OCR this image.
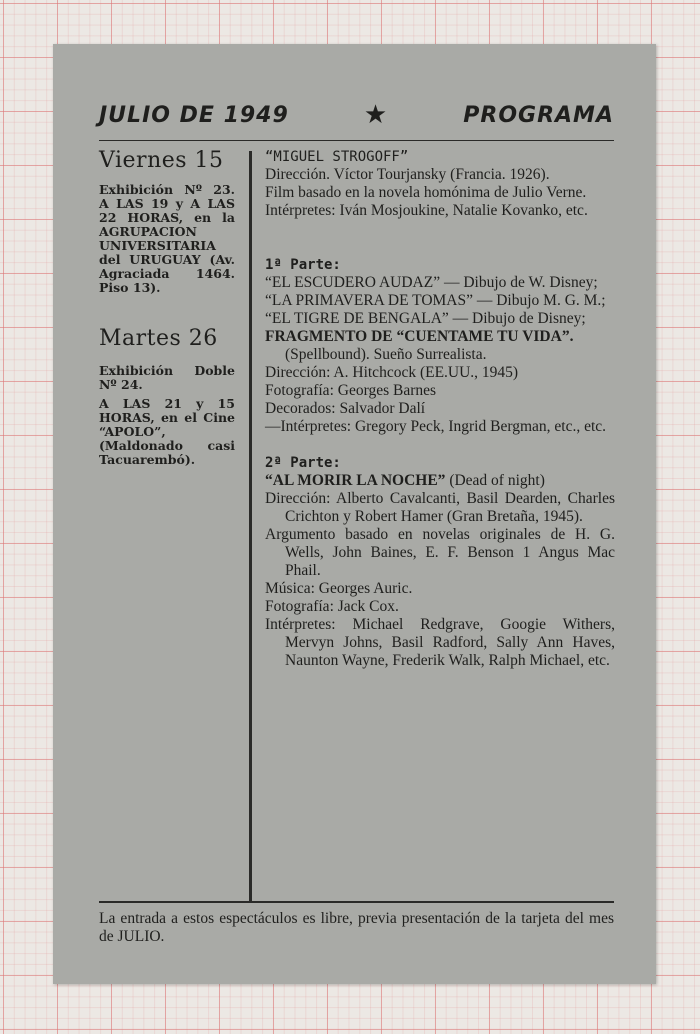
JULIO DE 1949	★	PROGRAMA
Viernes 15
Exhibición Nº 23. A LAS 19 y A LAS 22 HORAS, en la AGRUPACION UNIVERSITARIA del URUGUAY (Av. Agraciada 1464. Piso 13).
Martes 26
Exhibición Doble Nº 24.
A LAS 21 y 15 HORAS, en el Cine “APOLO”, (Maldonado casi Tacuarembó).

“MIGUEL STROGOFF”

Dirección. Víctor Tourjansky (Francia. 1926).

Film basado en la novela homónima de Julio Verne.

Intérpretes: Iván Mosjoukine, Natalie Kovanko, etc.

1ª Parte:

“EL ESCUDERO AUDAZ” — Dibujo de W. Disney;

“LA PRIMAVERA DE TOMAS” — Dibujo M. G. M.;

“EL TIGRE DE BENGALA” — Dibujo de Disney;

FRAGMENTO DE “CUENTAME TU VIDA”.

(Spellbound). Sueño Surrealista.

Dirección: A. Hitchcock (EE.UU., 1945)

Fotografía: Georges Barnes

Decorados: Salvador Dalí

—Intérpretes: Gregory Peck, Ingrid Bergman, etc., etc.

2ª Parte:

“AL MORIR LA NOCHE” (Dead of night)

Dirección: Alberto Cavalcanti, Basil Dearden, Charles Crichton y Robert Hamer (Gran Bretaña, 1945).

Argumento basado en novelas originales de H. G. Wells, John Baines, E. F. Benson 1 Angus Mac Phail.

Música: Georges Auric.

Fotografía: Jack Cox.

Intérpretes: Michael Redgrave, Googie Withers, Mervyn Johns, Basil Radford, Sally Ann Haves, Naunton Wayne, Frederik Walk, Ralph Michael, etc.

La entrada a estos espectáculos es libre, previa presentación de la tarjeta del mes de JULIO.
